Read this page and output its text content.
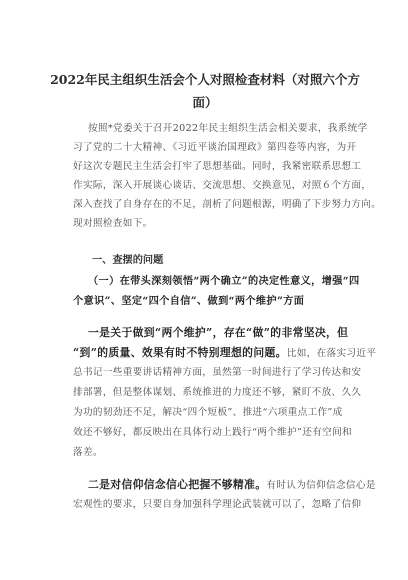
2022年民主组织生活会个人对照检查材料（对照六个方
面）
按照*党委关于召开2022年民主组织生活会相关要求，我系统学
习了党的二十大精神、《习近平谈治国理政》第四卷等内容，为开
好这次专题民主生活会打牢了思想基础。同时，我紧密联系思想工
作实际，深入开展谈心谈话、交流思想、交换意见，对照６个方面，
深入查找了自身存在的不足，剖析了问题根源，明确了下步努力方向。
现对照检查如下。
一、查摆的问题
（一）在带头深刻领悟“两个确立”的决定性意义，增强“四
个意识”、坚定“四个自信”、做到“两个维护”方面
一是关于做到“两个维护”，存在“做”的非常坚决，但
“到”的质量、效果有时不特别理想的问题。比如，在落实习近平
总书记一些重要讲话精神方面，虽然第一时间进行了学习传达和安
排部署，但是整体谋划、系统推进的力度还不够，紧盯不放、久久
为功的韧劲还不足，解决“四个短板”、推进“六项重点工作”成
效还不够好，都反映出在具体行动上践行“两个维护”还有空间和
落差。
二是对信仰信念信心把握不够精准。有时认为信仰信念信心是
宏观性的要求，只要自身加强科学理论武装就可以了，忽略了信仰
